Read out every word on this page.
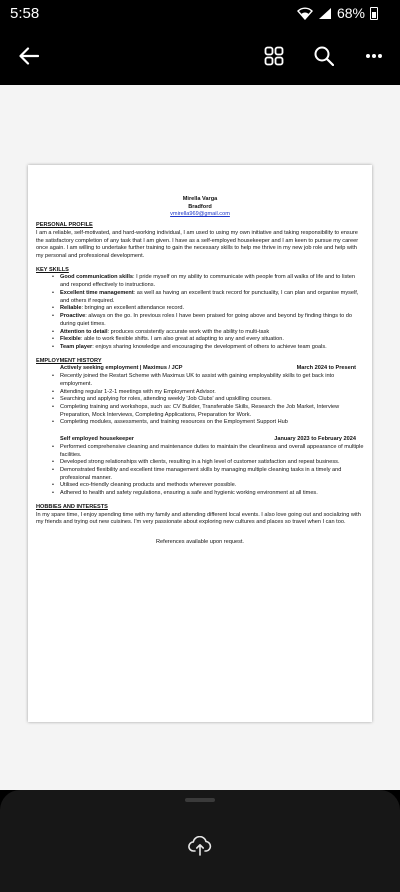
5:58	68%
Mirella Varga
Bradford
vmirella969@gmail.com
PERSONAL PROFILE
I am a reliable, self-motivated, and hard-working individual, I am used to using my own initiative and taking responsibility to ensure the satisfactory completion of any task that I am given. I have as a self-employed housekeeper and I am keen to pursue my career once again. I am willing to undertake further training to gain the necessary skills to help me thrive in my new job role and help with my personal and professional development.
KEY SKILLS
• Good communication skills: I pride myself on my ability to communicate with people from all walks of life and to listen and respond effectively to instructions.
• Excellent time management: as well as having an excellent track record for punctuality, I can plan and organise myself, and others if required.
• Reliable: bringing an excellent attendance record.
• Proactive: always on the go. In previous roles I have been praised for going above and beyond by finding things to do during quiet times.
• Attention to detail: produces consistently accurate work with the ability to multi-task
• Flexible: able to work flexible shifts. I am also great at adapting to any and every situation.
• Team player: enjoys sharing knowledge and encouraging the development of others to achieve team goals.
EMPLOYMENT HISTORY
Actively seeking employment | Maximus / JCP	March 2024 to Present
• Recently joined the Restart Scheme with Maximus UK to assist with gaining employability skills to get back into employment.
• Attending regular 1-2-1 meetings with my Employment Advisor.
• Searching and applying for roles, attending weekly 'Job Clubs' and upskilling courses.
• Completing training and workshops, such as: CV Builder, Transferable Skills, Research the Job Market, Interview Preparation, Mock Interviews, Completing Applications, Preparation for Work.
• Completing modules, assessments, and training resources on the Employment Support Hub
Self employed housekeeper	January 2023 to February 2024
• Performed comprehensive cleaning and maintenance duties to maintain the cleanliness and overall appearance of multiple facilities.
• Developed strong relationships with clients, resulting in a high level of customer satisfaction and repeat business.
• Demonstrated flexibility and excellent time management skills by managing multiple cleaning tasks in a timely and professional manner.
• Utilised eco-friendly cleaning products and methods wherever possible.
• Adhered to health and safety regulations, ensuring a safe and hygienic working environment at all times.
HOBBIES AND INTERESTS
In my spare time, I enjoy spending time with my family and attending different local events. I also love going out and socializing with my friends and trying out new cuisines. I'm very passionate about exploring new cultures and places so travel when I can too.
References available upon request.
